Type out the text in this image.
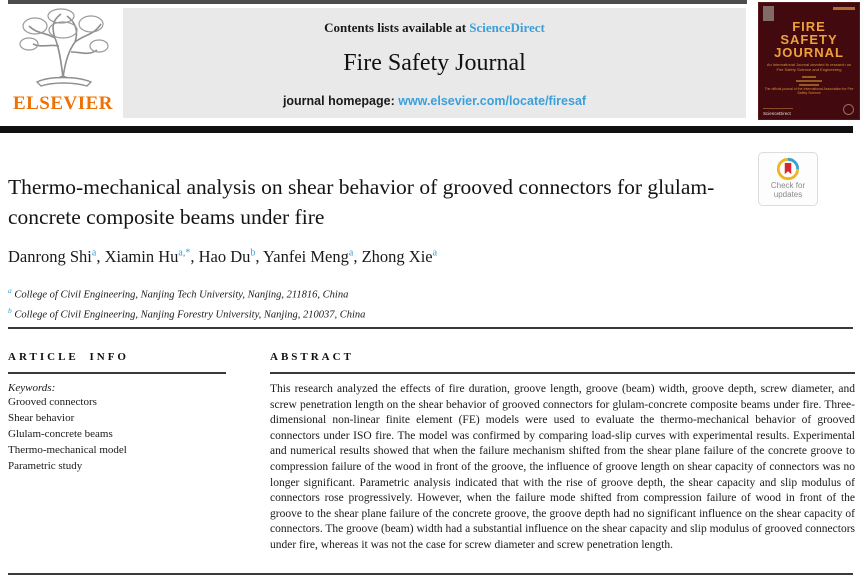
ELSEVIER
Contents lists available at ScienceDirect
Fire Safety Journal
journal homepage: www.elsevier.com/locate/firesaf
FIRE
SAFETY
JOURNAL
An International Journal devoted to research on
Fire Safety Science and Engineering
The official journal of the International Association for Fire Safety Science
ScienceDirect
Check for
updates
Thermo-mechanical analysis on shear behavior of grooved connectors for glulam-concrete composite beams under fire
Danrong Shi$^a$, Xiamin $Hu^{a,*}$, Hao Du$^b$, Yanfei Meng$^a$, Zhong Xie$^a$
$^a$ College of Civil Engineering, Nanjing Tech University, Nanjing, 211816, China
$^b$ College of Civil Engineering, Nanjing Forestry University, Nanjing, 210037, China
ARTICLE INFO
Keywords:
Grooved connectors
Shear behavior
Glulam-concrete beams
Thermo-mechanical model
Parametric study
ABSTRACT
This research analyzed the effects of fire duration, groove length, groove (beam) width, groove depth, screw diameter, and screw penetration length on the shear behavior of grooved connectors for glulam-concrete composite beams under fire. Three-dimensional non-linear finite element (FE) models were used to evaluate the thermo-mechanical behavior of grooved connectors under ISO fire. The model was confirmed by comparing load-slip curves with experimental results. Experimental and numerical results showed that when the failure mechanism shifted from the shear plane failure of the concrete groove to compression failure of the wood in front of the groove, the influence of groove length on shear capacity of connectors was no longer significant. Parametric analysis indicated that with the rise of groove depth, the shear capacity and slip modulus of connectors rose progressively. However, when the failure mode shifted from compression failure of wood in front of the groove to the shear plane failure of the concrete groove, the groove depth had no significant influence on the shear capacity of connectors. The groove (beam) width had a substantial influence on the shear capacity and slip modulus of grooved connectors under fire, whereas it was not the case for screw diameter and screw penetration length.
